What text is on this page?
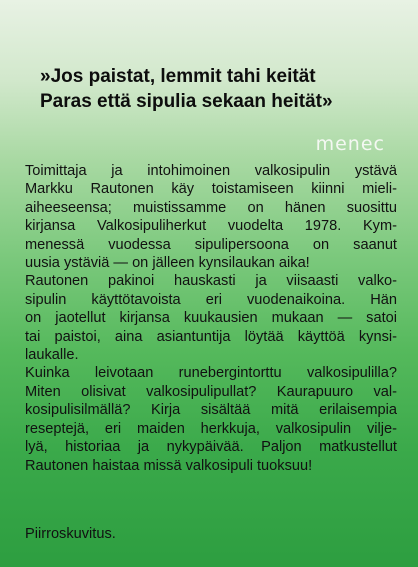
»Jos paistat, lemmit tahi keität
Paras että sipulia sekaan heität»
menec
Toimittaja ja intohimoinen valkosipulin ystävä
Markku Rautonen käy toistamiseen kiinni mieli-
aiheeseensa; muistissamme on hänen suosittu
kirjansa Valkosipuliherkut vuodelta 1978. Kym-
menessä vuodessa sipulipersoona on saanut
uusia ystäviä — on jälleen kynsilaukan aika!
Rautonen pakinoi hauskasti ja viisaasti valko-
sipulin käyttötavoista eri vuodenaikoina. Hän
on jaotellut kirjansa kuukausien mukaan — satoi
tai paistoi, aina asiantuntija löytää käyttöä kynsi-
laukalle.
Kuinka leivotaan runebergintorttu valkosipulilla?
Miten olisivat valkosipulipullat? Kaurapuuro val-
kosipulisilmällä? Kirja sisältää mitä erilaisempia
reseptejä, eri maiden herkkuja, valkosipulin vilje-
lyä, historiaa ja nykypäivää. Paljon matkustellut
Rautonen haistaa missä valkosipuli tuoksuu!
Piirroskuvitus.
